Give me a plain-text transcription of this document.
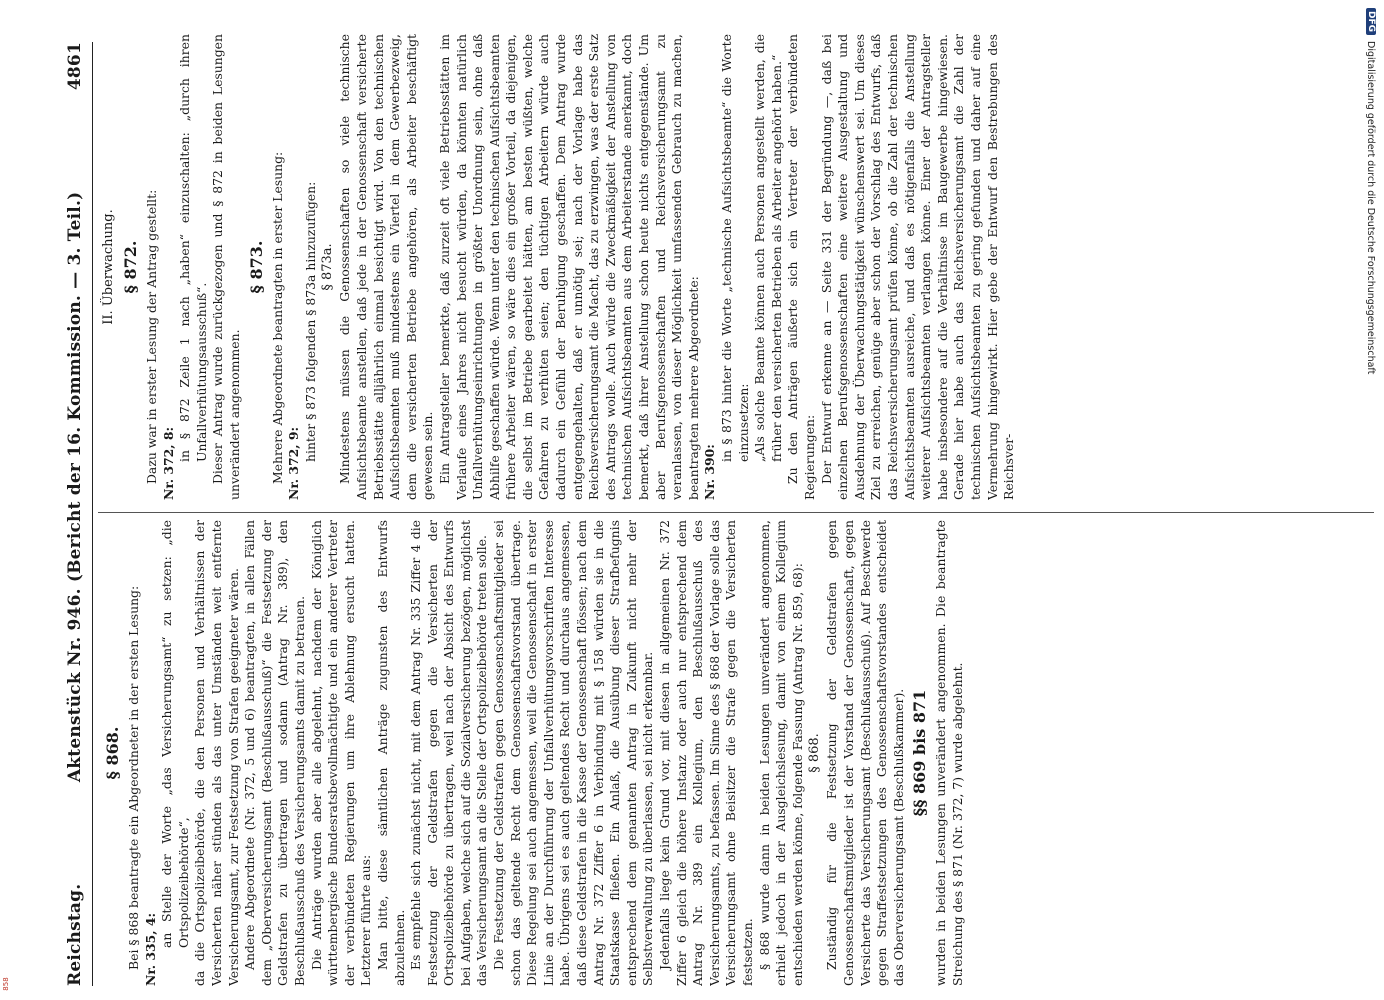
Reichstag.
Aktenstück Nr. 946. (Bericht der 16. Kommission. — 3. Teil.)
4861
§ 868. Bei § 868 beantragte ein Abgeordneter in der ersten Lesung: Nr. 335, 4:

an Stelle der Worte „das Versicherungsamt“ zu setzen: „die Ortspolizeibehörde“, da die Ortspolizeibehörde, die den Personen und Verhältnissen der Versicherten näher stünden als das unter Umständen weit entfernte Versicherungsamt, zur Festsetzung von Strafen geeigneter wären. Andere Abgeordnete (Nr. 372, 5 und 6) beantragten, in allen Fällen dem „Oberversicherungsamt (Beschlußausschuß)“ die Festsetzung der Geldstrafen zu übertragen und sodann (Antrag Nr. 389), den Beschlußausschuß des Versicherungsamts damit zu betrauen. Die Anträge wurden aber alle abgelehnt, nachdem der Königlich württembergische Bundesratsbevollmächtigte und ein anderer Vertreter der verbündeten Regierungen um ihre Ablehnung ersucht hatten. Letzterer führte aus: Man bitte, diese sämtlichen Anträge zugunsten des Entwurfs abzulehnen. Es empfehle sich zunächst nicht, mit dem Antrag Nr. 335 Ziffer 4 die Festsetzung der Geldstrafen gegen die Versicherten der Ortspolizeibehörde zu übertragen, weil nach der Absicht des Entwurfs bei Aufgaben, welche sich auf die Sozialversicherung bezögen, möglichst das Versicherungsamt an die Stelle der Ortspolizeibehörde treten solle. Die Festsetzung der Geldstrafen gegen Genossenschaftsmitglieder sei schon das geltende Recht dem Genossenschaftsvorstand übertrage. Diese Regelung sei auch angemessen, weil die Genossenschaft in erster Linie an der Durchführung der Unfallverhütungsvorschriften Interesse habe. Übrigens sei es auch geltendes Recht und durchaus angemessen, daß diese Geldstrafen in die Kasse der Genossenschaft flössen; nach dem Antrag Nr. 372 Ziffer 6 in Verbindung mit § 158 würden sie in die Staatskasse fließen. Ein Anlaß, die Ausübung dieser Strafbefugnis entsprechend dem genannten Antrag in Zukunft nicht mehr der Selbstverwaltung zu überlassen, sei nicht erkennbar. Jedenfalls liege kein Grund vor, mit diesen in allgemeinen Nr. 372 Ziffer 6 gleich die höhere Instanz oder auch nur entsprechend dem Antrag Nr. 389 ein Kollegium, den Beschlußausschuß des Versicherungsamts, zu befassen. Im Sinne des § 868 der Vorlage solle das Versicherungsamt ohne Beisitzer die Strafe gegen die Versicherten festsetzen. § 868 wurde dann in beiden Lesungen unverändert angenommen, erhielt jedoch in der Ausgleichslesung, damit von einem Kollegium entschieden werden könne, folgende Fassung (Antrag Nr. 859, 68): § 868. Zuständig für die Festsetzung der Geldstrafen gegen Genossenschaftsmitglieder ist der Vorstand der Genossenschaft, gegen Versicherte das Versicherungsamt (Beschlußausschuß). Auf Beschwerde gegen Straffestsetzungen des Genossenschaftsvorstandes entscheidet das Oberversicherungsamt (Beschlußkammer). §§ 869 bis 871 wurden in beiden Lesungen unverändert angenommen. Die beantragte Streichung des § 871 (Nr. 372, 7) wurde abgelehnt.

II. Überwachung. § 872. Dazu war in erster Lesung der Antrag gestellt: Nr. 372, 8:

in § 872 Zeile 1 nach „haben“ einzuschalten: „durch ihren Unfallverhütungsausschuß“. Dieser Antrag wurde zurückgezogen und § 872 in beiden Lesungen unverändert angenommen.

§ 873. Mehrere Abgeordnete beantragten in erster Lesung: Nr. 372, 9:

hinter § 873 folgenden § 873a hinzuzufügen: § 873a. Mindestens müssen die Genossenschaften so viele technische Aufsichtsbeamte anstellen, daß jede in der Genossenschaft versicherte Betriebsstätte alljährlich einmal besichtigt wird. Von den technischen Aufsichtsbeamten muß mindestens ein Viertel in dem Gewerbezweig, dem die versicherten Betriebe angehören, als Arbeiter beschäftigt gewesen sein. Ein Antragsteller bemerkte, daß zurzeit oft viele Betriebsstätten im Verlaufe eines Jahres nicht besucht würden, da könnten natürlich Unfallverhütungseinrichtungen in größter Unordnung sein, ohne daß Abhilfe geschaffen würde. Wenn unter den technischen Aufsichtsbeamten frühere Arbeiter wären, so wäre dies ein großer Vorteil, da diejenigen, die selbst im Betriebe gearbeitet hätten, am besten wüßten, welche Gefahren zu verhüten seien; den tüchtigen Arbeitern würde auch dadurch ein Gefühl der Beruhigung geschaffen. Dem Antrag wurde entgegengehalten, daß er unnötig sei; nach der Vorlage habe das Reichsversicherungsamt die Macht, das zu erzwingen, was der erste Satz des Antrags wolle. Auch würde die Zweckmäßigkeit der Anstellung von technischen Aufsichtsbeamten aus dem Arbeiterstande anerkannt, doch bemerkt, daß ihrer Anstellung schon heute nichts entgegenstände. Um aber Berufsgenossenschaften und Reichsversicherungsamt zu veranlassen, von dieser Möglichkeit umfassenden Gebrauch zu machen, beantragten mehrere Abgeordnete: Nr. 390:

in § 873 hinter die Worte „technische Aufsichtsbeamte“ die Worte einzusetzen: „Als solche Beamte können auch Personen angestellt werden, die früher den versicherten Betrieben als Arbeiter angehört haben.“ Zu den Anträgen äußerte sich ein Vertreter der verbündeten Regierungen: Der Entwurf erkenne an — Seite 331 der Begründung —, daß bei einzelnen Berufsgenossenschaften eine weitere Ausgestaltung und Ausdehnung der Überwachungstätigkeit wünschenswert sei. Um dieses Ziel zu erreichen, genüge aber schon der Vorschlag des Entwurfs, daß das Reichsversicherungsamt prüfen könne, ob die Zahl der technischen Aufsichtsbeamten ausreiche, und daß es nötigenfalls die Anstellung weiterer Aufsichtsbeamten verlangen könne. Einer der Antragsteller habe insbesondere auf die Verhältnisse im Baugewerbe hingewiesen. Gerade hier habe auch das Reichsversicherungsamt die Zahl der technischen Aufsichtsbeamten zu gering gefunden und daher auf eine Vermehrung hingewirkt. Hier gebe der Entwurf den Bestrebungen des Reichsver-

DFG
Digitalisierung gefördert durch die Deutsche Forschungsgemeinschaft
858
